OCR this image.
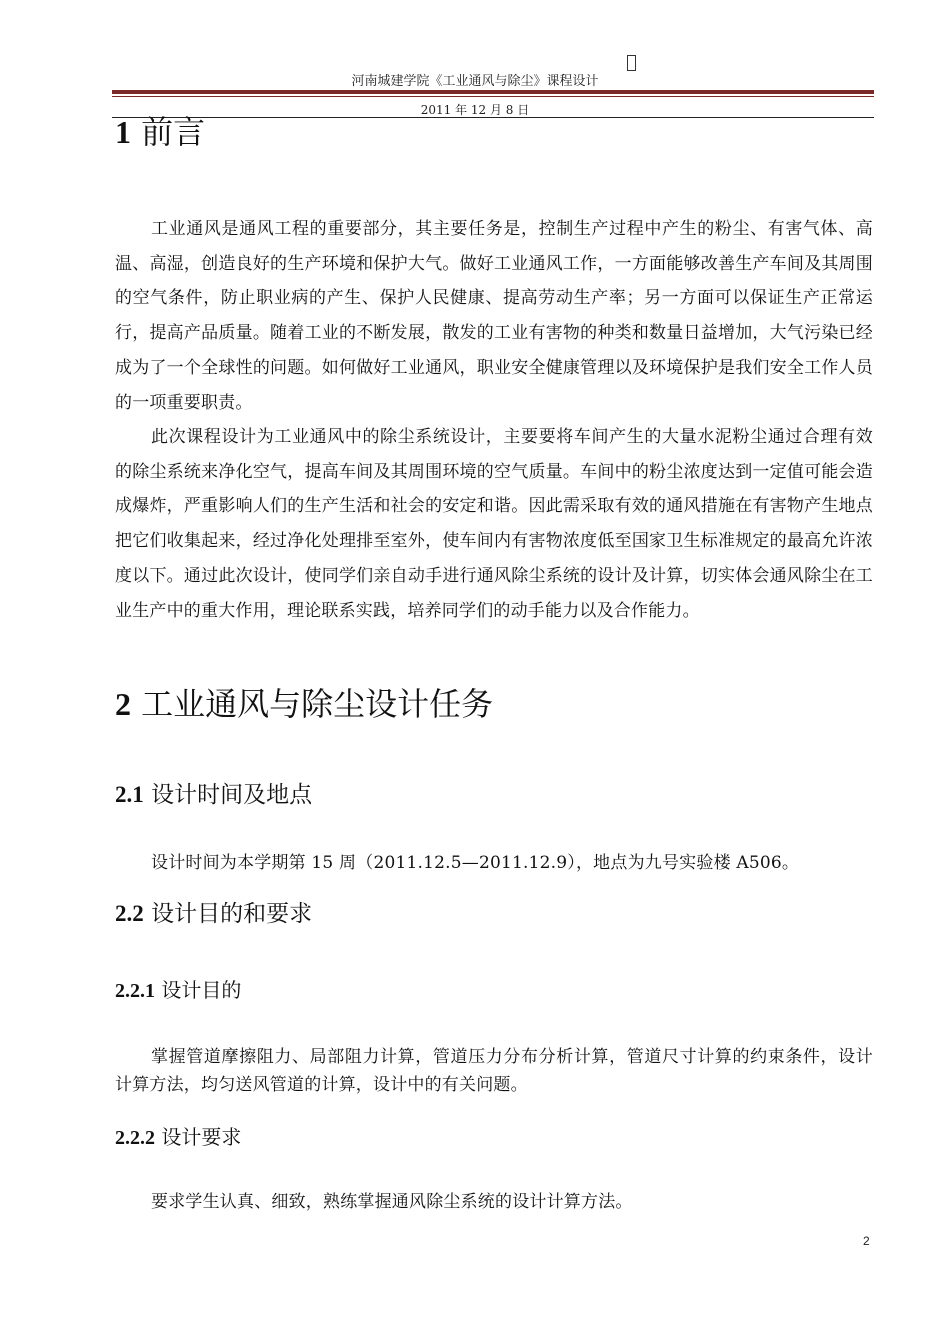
河南城建学院《工业通风与除尘》课程设计
2011 年 12 月 8 日
1 前言

工业通风是通风工程的重要部分，其主要任务是，控制生产过程中产生的粉尘、有害气体、高温、高湿，创造良好的生产环境和保护大气。做好工业通风工作，一方面能够改善生产车间及其周围的空气条件，防止职业病的产生、保护人民健康、提高劳动生产率；另一方面可以保证生产正常运行，提高产品质量。随着工业的不断发展，散发的工业有害物的种类和数量日益增加，大气污染已经成为了一个全球性的问题。如何做好工业通风，职业安全健康管理以及环境保护是我们安全工作人员的一项重要职责。

此次课程设计为工业通风中的除尘系统设计，主要要将车间产生的大量水泥粉尘通过合理有效的除尘系统来净化空气，提高车间及其周围环境的空气质量。车间中的粉尘浓度达到一定值可能会造成爆炸，严重影响人们的生产生活和社会的安定和谐。因此需采取有效的通风措施在有害物产生地点把它们收集起来，经过净化处理排至室外，使车间内有害物浓度低至国家卫生标准规定的最高允许浓度以下。通过此次设计，使同学们亲自动手进行通风除尘系统的设计及计算，切实体会通风除尘在工业生产中的重大作用，理论联系实践，培养同学们的动手能力以及合作能力。

2 工业通风与除尘设计任务
2.1 设计时间及地点

设计时间为本学期第 15 周（2011.12.5—2011.12.9），地点为九号实验楼 A506。

2.2 设计目的和要求
2.2.1 设计目的

掌握管道摩擦阻力、局部阻力计算，管道压力分布分析计算，管道尺寸计算的约束条件，设计计算方法，均匀送风管道的计算，设计中的有关问题。

2.2.2 设计要求

要求学生认真、细致，熟练掌握通风除尘系统的设计计算方法。

2
